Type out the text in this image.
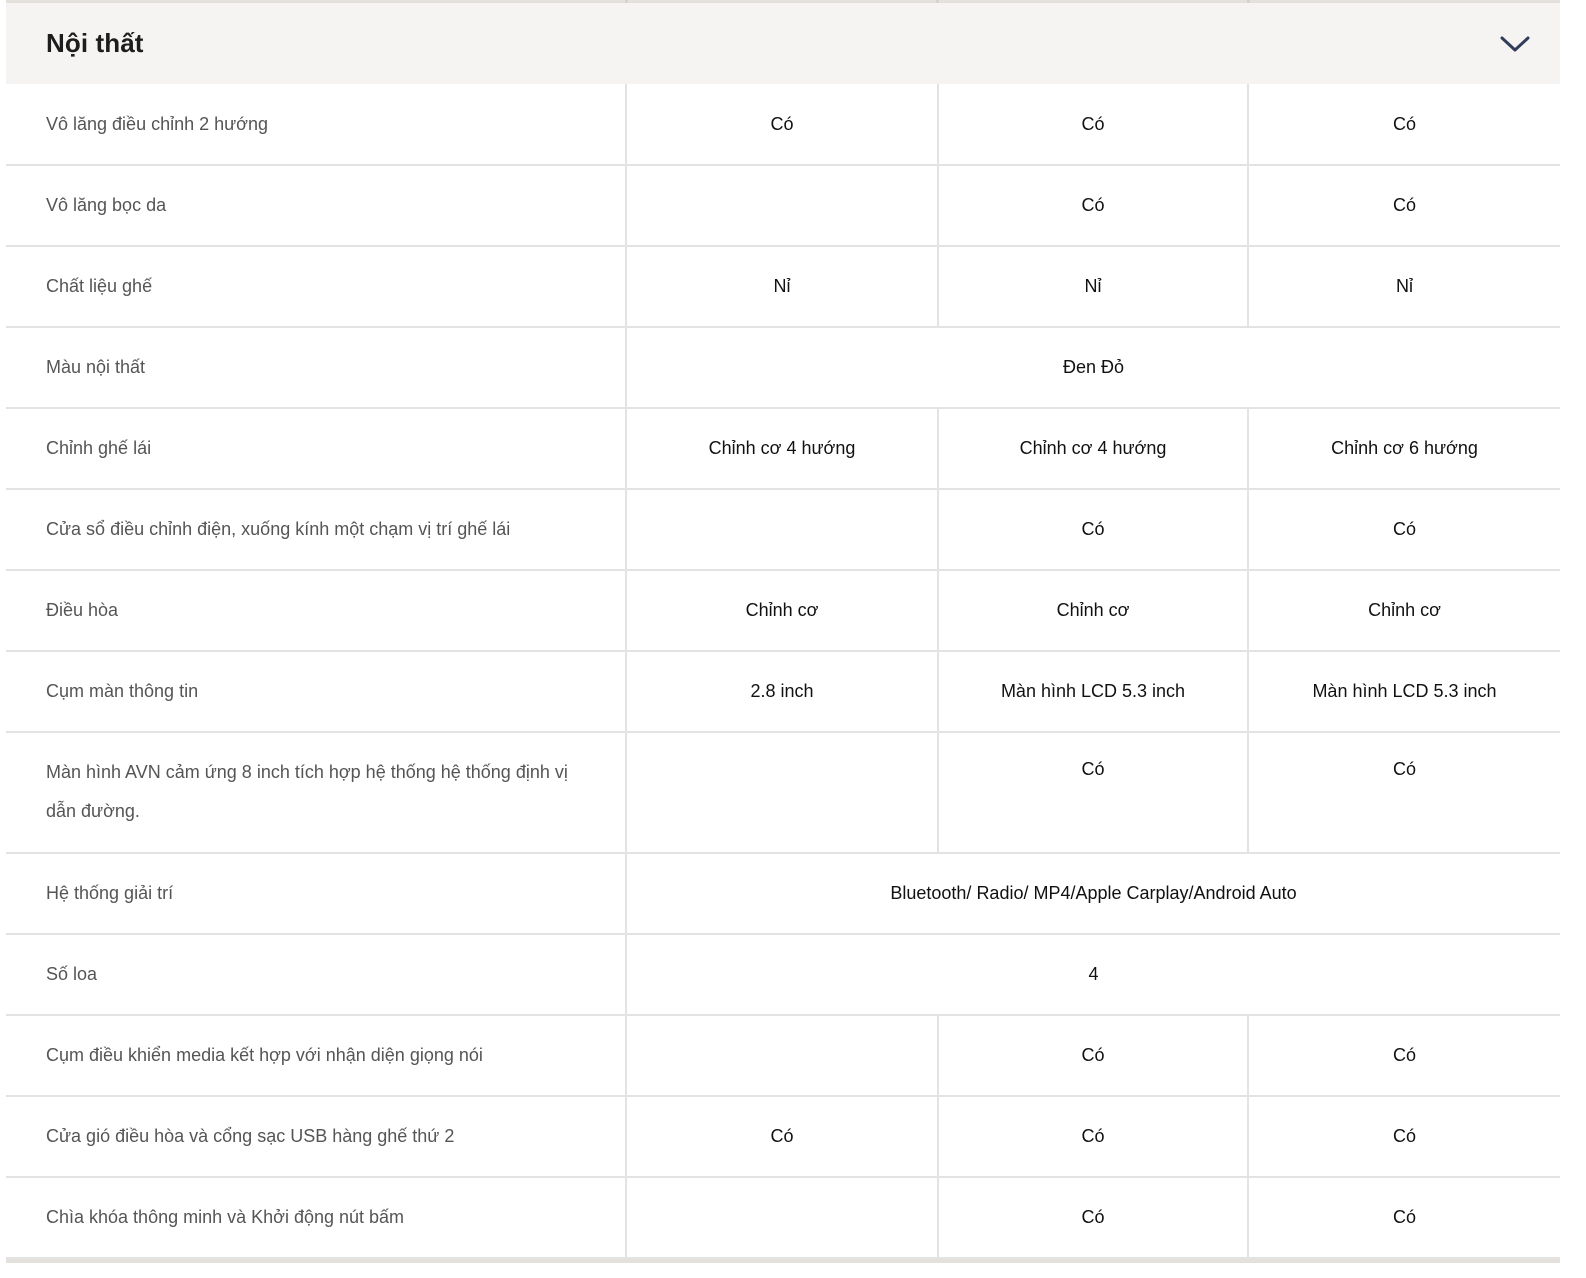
Nội thất
Vô lăng điều chỉnh 2 hướng	Có	Có	Có
Vô lăng bọc da		Có	Có
Chất liệu ghế	Nỉ	Nỉ	Nỉ
Màu nội thất	Đen Đỏ		
Chỉnh ghế lái	Chỉnh cơ 4 hướng	Chỉnh cơ 4 hướng	Chỉnh cơ 6 hướng
Cửa sổ điều chỉnh điện, xuống kính một chạm vị trí ghế lái		Có	Có
Điều hòa	Chỉnh cơ	Chỉnh cơ	Chỉnh cơ
Cụm màn thông tin	2.8 inch	Màn hình LCD 5.3 inch	Màn hình LCD 5.3 inch
Màn hình AVN cảm ứng 8 inch tích hợp hệ thống hệ thống định vị dẫn đường.		Có	Có
Hệ thống giải trí	Bluetooth/ Radio/ MP4/Apple Carplay/Android Auto		
Số loa	4		
Cụm điều khiển media kết hợp với nhận diện giọng nói		Có	Có
Cửa gió điều hòa và cổng sạc USB hàng ghế thứ 2	Có	Có	Có
Chìa khóa thông minh và Khởi động nút bấm		Có	Có
